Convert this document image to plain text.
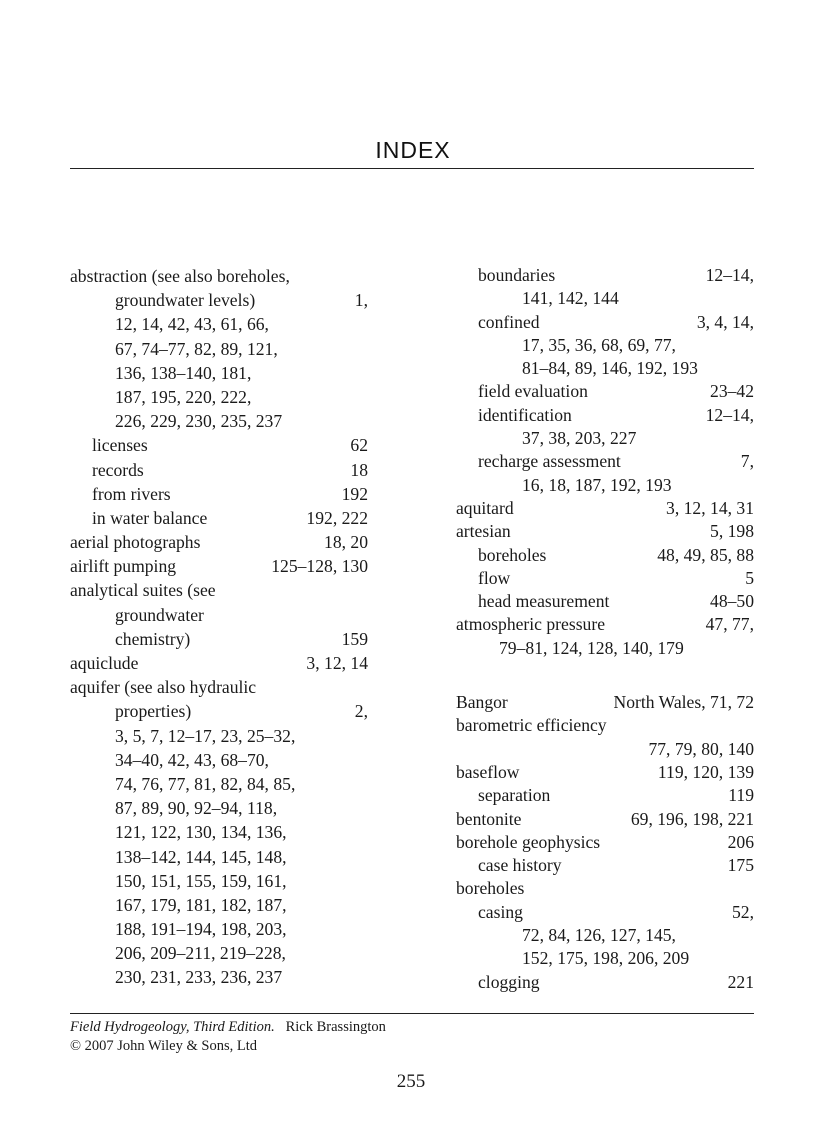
INDEX
abstraction (see also boreholes,
groundwater levels)	1,
12, 14, 42, 43, 61, 66,
67, 74–77, 82, 89, 121,
136, 138–140, 181,
187, 195, 220, 222,
226, 229, 230, 235, 237
licenses	62
records	18
from rivers	192
in water balance	192, 222
aerial photographs	18, 20
airlift pumping	125–128, 130
analytical suites (see
groundwater
chemistry)	159
aquiclude	3, 12, 14
aquifer (see also hydraulic
properties)	2,
3, 5, 7, 12–17, 23, 25–32,
34–40, 42, 43, 68–70,
74, 76, 77, 81, 82, 84, 85,
87, 89, 90, 92–94, 118,
121, 122, 130, 134, 136,
138–142, 144, 145, 148,
150, 151, 155, 159, 161,
167, 179, 181, 182, 187,
188, 191–194, 198, 203,
206, 209–211, 219–228,
230, 231, 233, 236, 237
boundaries	12–14,
141, 142, 144
confined	3, 4, 14,
17, 35, 36, 68, 69, 77,
81–84, 89, 146, 192, 193
field evaluation	23–42
identification	12–14,
37, 38, 203, 227
recharge assessment	7,
16, 18, 187, 192, 193
aquitard	3, 12, 14, 31
artesian	5, 198
boreholes	48, 49, 85, 88
flow	5
head measurement	48–50
atmospheric pressure	47, 77,
79–81, 124, 128, 140, 179
Bangor	North Wales, 71, 72
barometric efficiency
77, 79, 80, 140
baseflow	119, 120, 139
separation	119
bentonite	69, 196, 198, 221
borehole geophysics	206
case history	175
boreholes
casing	52,
72, 84, 126, 127, 145,
152, 175, 198, 206, 209
clogging	221
Field Hydrogeology, Third Edition. Rick Brassington
© 2007 John Wiley & Sons, Ltd
255
